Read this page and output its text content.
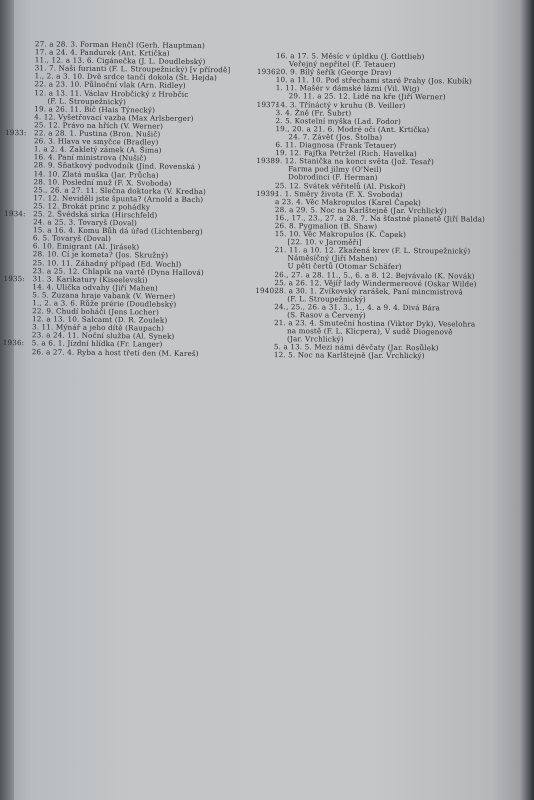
27. a 28. 3. Forman Henčl (Gerh. Hauptman)
17. a 24. 4. Pandurek (Ant. Krtička)
11., 12. a 13. 6. Cigánečka (J. L. Doudlebský)
31. 7. Naši furianti (F. L. Stroupežnický) [v přírodě]
1., 2. a 3. 10. Dvě srdce tančí dokola (St. Hejda)
22. a 23. 10. Půlnoční vlak (Arn. Ridley)
12. a 13. 11. Václav Hrobčický z Hrobčic
(F. L. Stroupežnický)
19. a 26. 11. Bič (Hais Týnecký)
4. 12. Vyšetřovací vazba (Max Arlsberger)
25. 12. Právo na hřích (V. Werner)
1933: 22. a 28. 1. Pustina (Bron. Nušič)
26. 3. Hlava ve smyčce (Bradley)
1. a 2. 4. Zakletý zámek (A. Šima)
16. 4. Paní ministrova (Nušič)
28. 9. Sňatkový podvodník (Jind. Rovenská )
14. 10. Zlatá muška (Jar. Průcha)
28. 10. Poslední muž (F. X. Svoboda)
25., 26. a 27. 11. Slečna doktorka (V. Kredba)
17. 12. Neviděli jste špunta? (Arnold a Bach)
25. 12. Brokát princ z pohádky
1934: 25. 2. Švédská sirka (Hirschfeld)
24. a 25. 3. Tovaryš (Doval)
15. a 16. 4. Komu Bůh dá úřad (Lichtenberg)
6. 5. Tovaryš (Doval)
6. 10. Emigrant (Al. Jirásek)
28. 10. Cí je kometa? (Jos. Skružný)
25. 10. 11. Záhadný případ (Ed. Wochl)
23. a 25. 12. Chlapík na vartě (Dyna Hallová)
1935: 31. 3. Karikatury (Kiseelevski)
14. 4. Ulička odvahy (Jiří Mahen)
5. 5. Zuzana hraje vabank (V. Werner)
1., 2. a 3. 6. Růže prérie (Doudlebský)
22. 9. Chudí boháči (Jens Locher)
12. a 13. 10. Salcamt (D. R. Zoulek)
3. 11. Mýnář a jeho dítě (Raupach)
23. a 24. 11. Noční služba (Al. Synek)
1936: 5. a 6. 1. Jízdní hlídka (Fr. Langer)
26. a 27. 4. Ryba a host třetí den (M. Kareš)
16. a 17. 5. Měsíc v úpldku (J. Gottlieb)
Veřejný nepřítel (F. Tetauer)
1936:
20. 9. Bílý šeřík (George Drav)
10. a 11. 10. Pod střechami staré Prahy (Jos. Kubík)
1. 11. Mašér v dámské lázni (Vil. Wig)
29. 11. a 25. 12. Lidé na kře (Jiří Werner)
1937:
14. 3. Třínáctý v kruhu (B. Veiller)
3. 4. Žně (Fr. Šubrt)
2. 5. Kostelní myška (Lad. Fodor)
19., 20. a 21. 6. Modré oči (Ant. Krtička)
24. 7. Závěť (Jos. Štolba)
6. 11. Diagnosa (Frank Tetauer)
19. 12. Fajfka Petržel (Rich. Havelka)
1938:
9. 12. Stanička na konci světa (Jož. Tesař)
Farma pod jilmy (O'Neil)
Dobrodinci (F. Herman)
25. 12. Svátek věřitelů (Al. Piskoř)
1939:
1. 1. Směry života (F. X. Svoboda)
a 23. 4. Věc Makropulos (Karel Čapek)
28. a 29. 5. Noc na Karlštejně (Jar. Vrchlický)
16., 17., 23., 27. a 28. 7. Na šťastné planetě (Jiří Balda)
26. 8. Pygmalion (B. Shaw)
15. 10. Věc Makropulos (K. Čapek)
[22. 10. v Jaroměři]
21. 11. a 10. 12. Zkažená krev (F. L. Stroupežnický)
Náměsíčný (Jiří Mahen)
U pěti čertů (Otomar Schäfer)
26., 27. a 28. 11., 5., 6. a 8. 12. Bejvávalo (K. Novák)
25. a 26. 12. Vějíř lady Windermereové (Oskar Wilde)
1940:
28. a 30. 1. Zvíkovský rarášek, Paní mincmistrová
(F. L. Stroupežnický)
24., 25., 26. a 31. 3., 1., 4. a 9. 4. Divá Bára
(S. Rasov a Červený)
21. a 23. 4. Smuteční hostina (Viktor Dyk), Veselohra
na mostě (F. L. Klicpera), V sudě Diogenově
(Jar. Vrchlický)
5. a 13. 5. Mezi námi děvčaty (Jar. Rosůlek)
12. 5. Noc na Karlštejně (Jar. Vrchlický)
